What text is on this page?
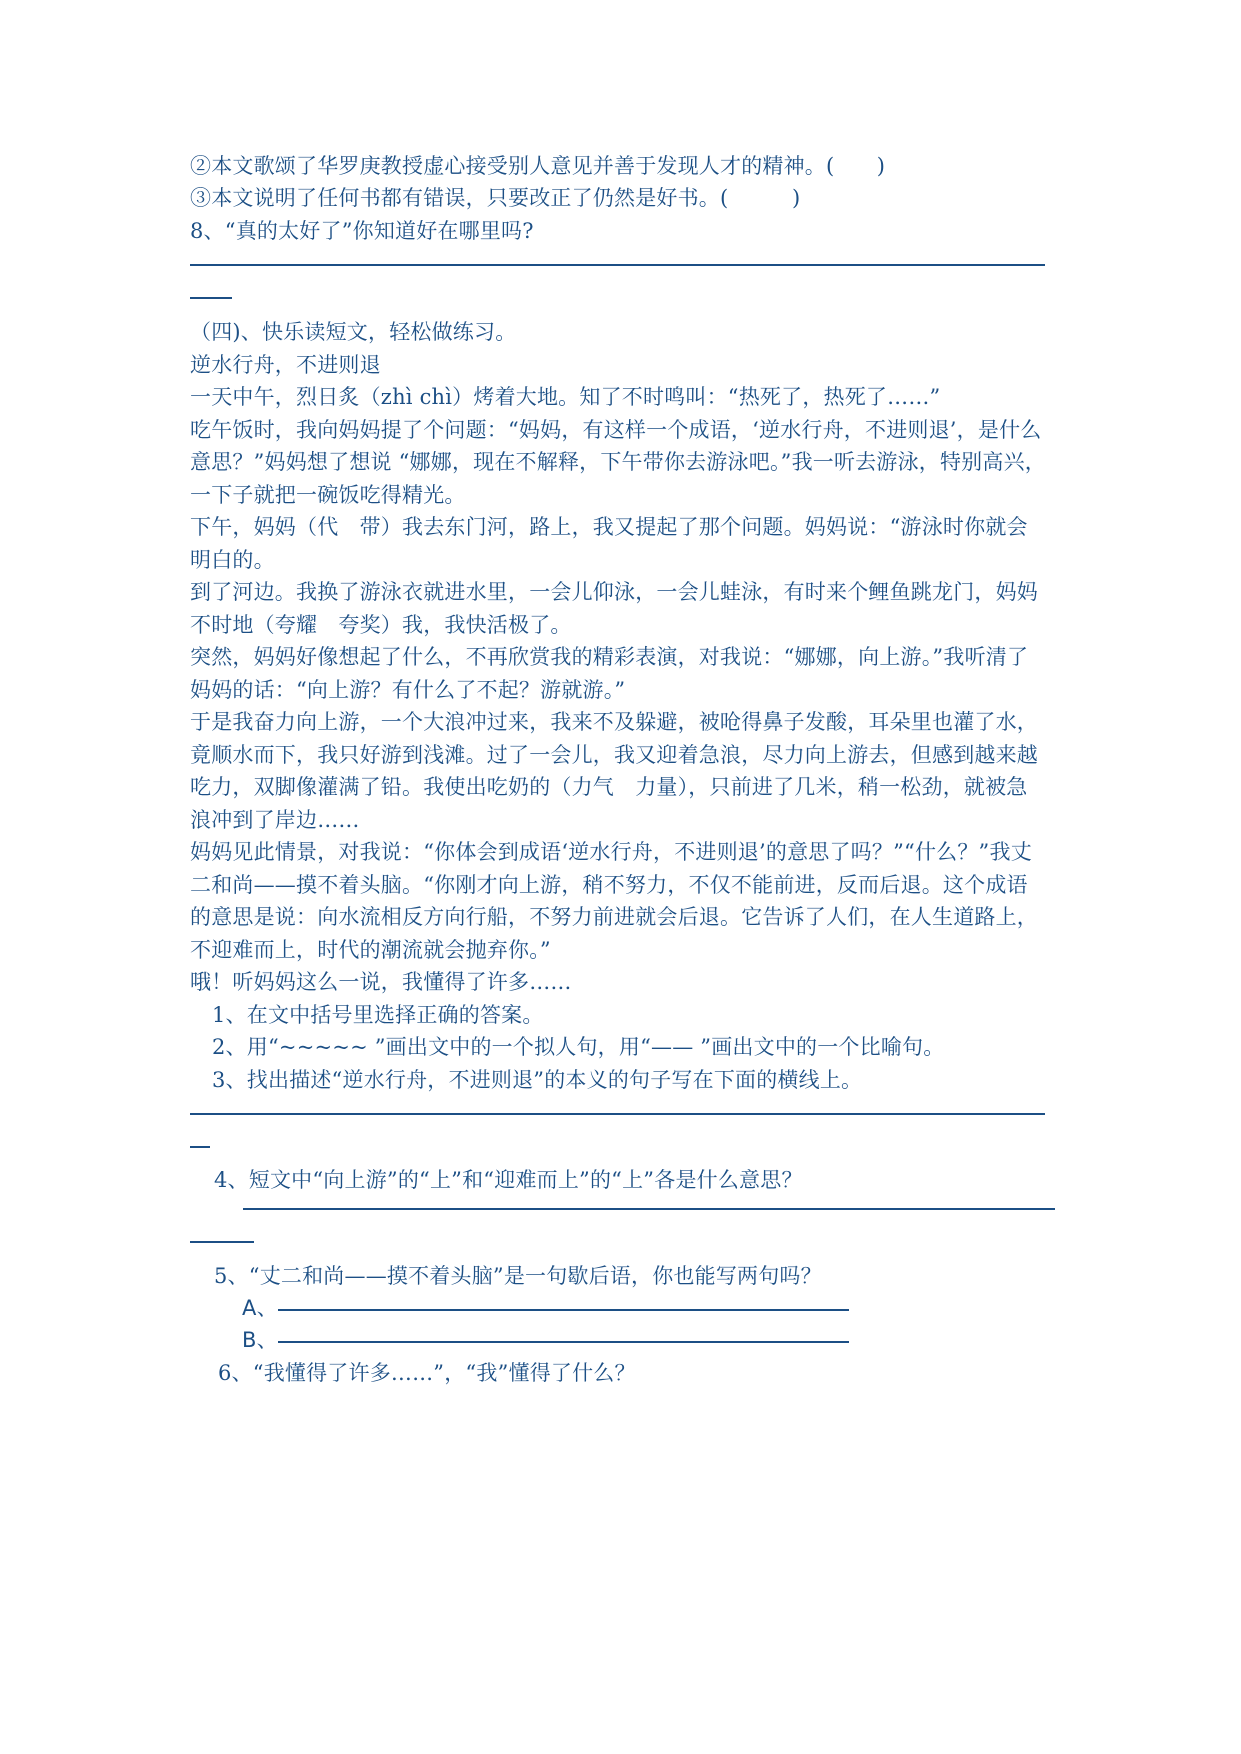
②本文歌颂了华罗庚教授虚心接受别人意见并善于发现人才的精神。(　　)
③本文说明了任何书都有错误，只要改正了仍然是好书。(　　　)
8、“真的太好了”你知道好在哪里吗?
（四)、快乐读短文，轻松做练习。
逆水行舟，不进则退
一天中午，烈日炙（zhì chì）烤着大地。知了不时鸣叫：“热死了，热死了……”
吃午饭时，我向妈妈提了个问题：“妈妈，有这样一个成语，‘逆水行舟，不进则退’，是什么
意思？”妈妈想了想说 “娜娜，现在不解释，下午带你去游泳吧。”我一听去游泳，特别高兴，
一下子就把一碗饭吃得精光。
下午，妈妈（代　带）我去东门河，路上，我又提起了那个问题。妈妈说：“游泳时你就会
明白的。
到了河边。我换了游泳衣就进水里，一会儿仰泳，一会儿蛙泳，有时来个鲤鱼跳龙门，妈妈
不时地（夸耀　夸奖）我，我快活极了。
突然，妈妈好像想起了什么，不再欣赏我的精彩表演，对我说：“娜娜，向上游。”我听清了
妈妈的话：“向上游？有什么了不起？游就游。”
于是我奋力向上游，一个大浪冲过来，我来不及躲避，被呛得鼻子发酸，耳朵里也灌了水，
竟顺水而下，我只好游到浅滩。过了一会儿，我又迎着急浪，尽力向上游去，但感到越来越
吃力，双脚像灌满了铅。我使出吃奶的（力气　力量），只前进了几米，稍一松劲，就被急
浪冲到了岸边……
妈妈见此情景，对我说：“你体会到成语‘逆水行舟，不进则退’的意思了吗？”“什么？”我丈
二和尚——摸不着头脑。“你刚才向上游，稍不努力，不仅不能前进，反而后退。这个成语
的意思是说：向水流相反方向行船，不努力前进就会后退。它告诉了人们，在人生道路上，
不迎难而上，时代的潮流就会抛弃你。”
哦！听妈妈这么一说，我懂得了许多……
1、在文中括号里选择正确的答案。
2、用“~~~~~ ”画出文中的一个拟人句，用“—— ”画出文中的一个比喻句。
3、找出描述“逆水行舟，不进则退”的本义的句子写在下面的横线上。
4、短文中“向上游”的“上”和“迎难而上”的“上”各是什么意思？
5、“丈二和尚——摸不着头脑”是一句歇后语，你也能写两句吗？
A、
B、
6、“我懂得了许多……”，“我”懂得了什么？
